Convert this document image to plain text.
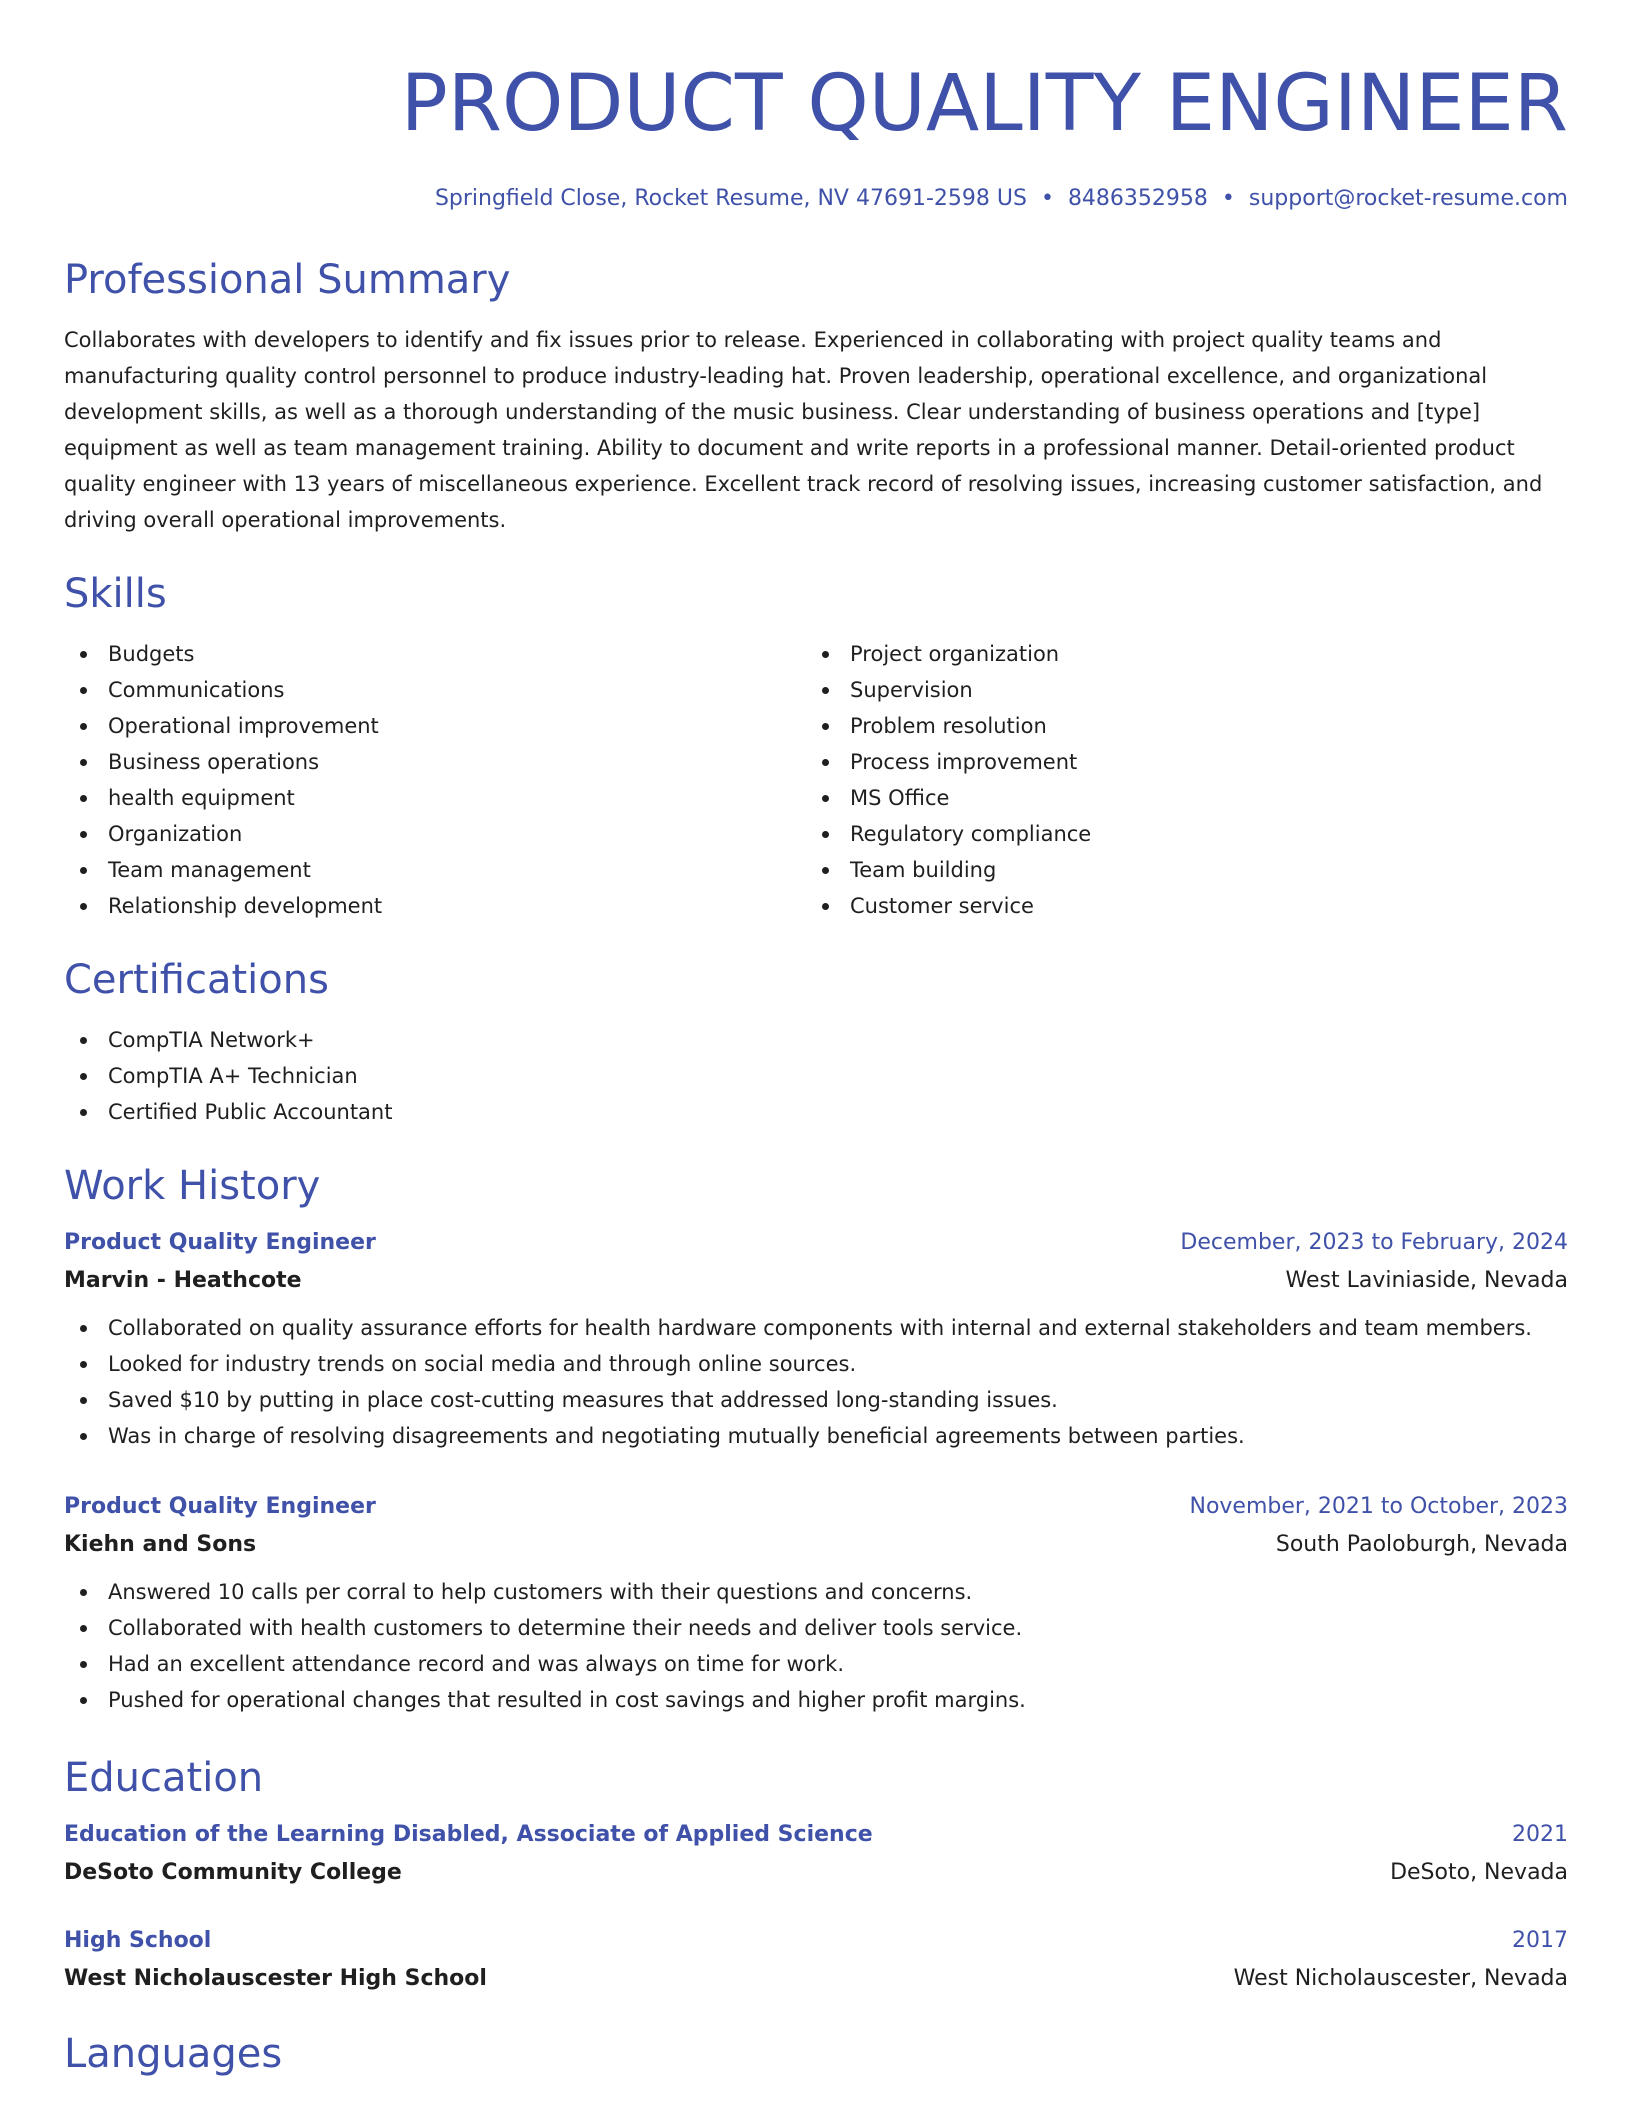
PRODUCT QUALITY ENGINEER
Springfield Close, Rocket Resume, NV 47691-2598 US • 8486352958 • support@rocket-resume.com
Professional Summary

Collaborates with developers to identify and fix issues prior to release. Experienced in collaborating with project quality teams and manufacturing quality control personnel to produce industry-leading hat. Proven leadership, operational excellence, and organizational development skills, as well as a thorough understanding of the music business. Clear understanding of business operations and [type] equipment as well as team management training. Ability to document and write reports in a professional manner. Detail-oriented product quality engineer with 13 years of miscellaneous experience. Excellent track record of resolving issues, increasing customer satisfaction, and driving overall operational improvements.

Skills
Budgets
Communications
Operational improvement
Business operations
health equipment
Organization
Team management
Relationship development
Project organization
Supervision
Problem resolution
Process improvement
MS Office
Regulatory compliance
Team building
Customer service
Certifications
CompTIA Network+
CompTIA A+ Technician
Certified Public Accountant
Work History
Product Quality Engineer	December, 2023 to February, 2024
Marvin - Heathcote	West Laviniaside, Nevada
Collaborated on quality assurance efforts for health hardware components with internal and external stakeholders and team members.
Looked for industry trends on social media and through online sources.
Saved $10 by putting in place cost-cutting measures that addressed long-standing issues.
Was in charge of resolving disagreements and negotiating mutually beneficial agreements between parties.
Product Quality Engineer	November, 2021 to October, 2023
Kiehn and Sons	South Paoloburgh, Nevada
Answered 10 calls per corral to help customers with their questions and concerns.
Collaborated with health customers to determine their needs and deliver tools service.
Had an excellent attendance record and was always on time for work.
Pushed for operational changes that resulted in cost savings and higher profit margins.
Education
Education of the Learning Disabled, Associate of Applied Science	2021
DeSoto Community College	DeSoto, Nevada
High School	2017
West Nicholauscester High School	West Nicholauscester, Nevada
Languages
